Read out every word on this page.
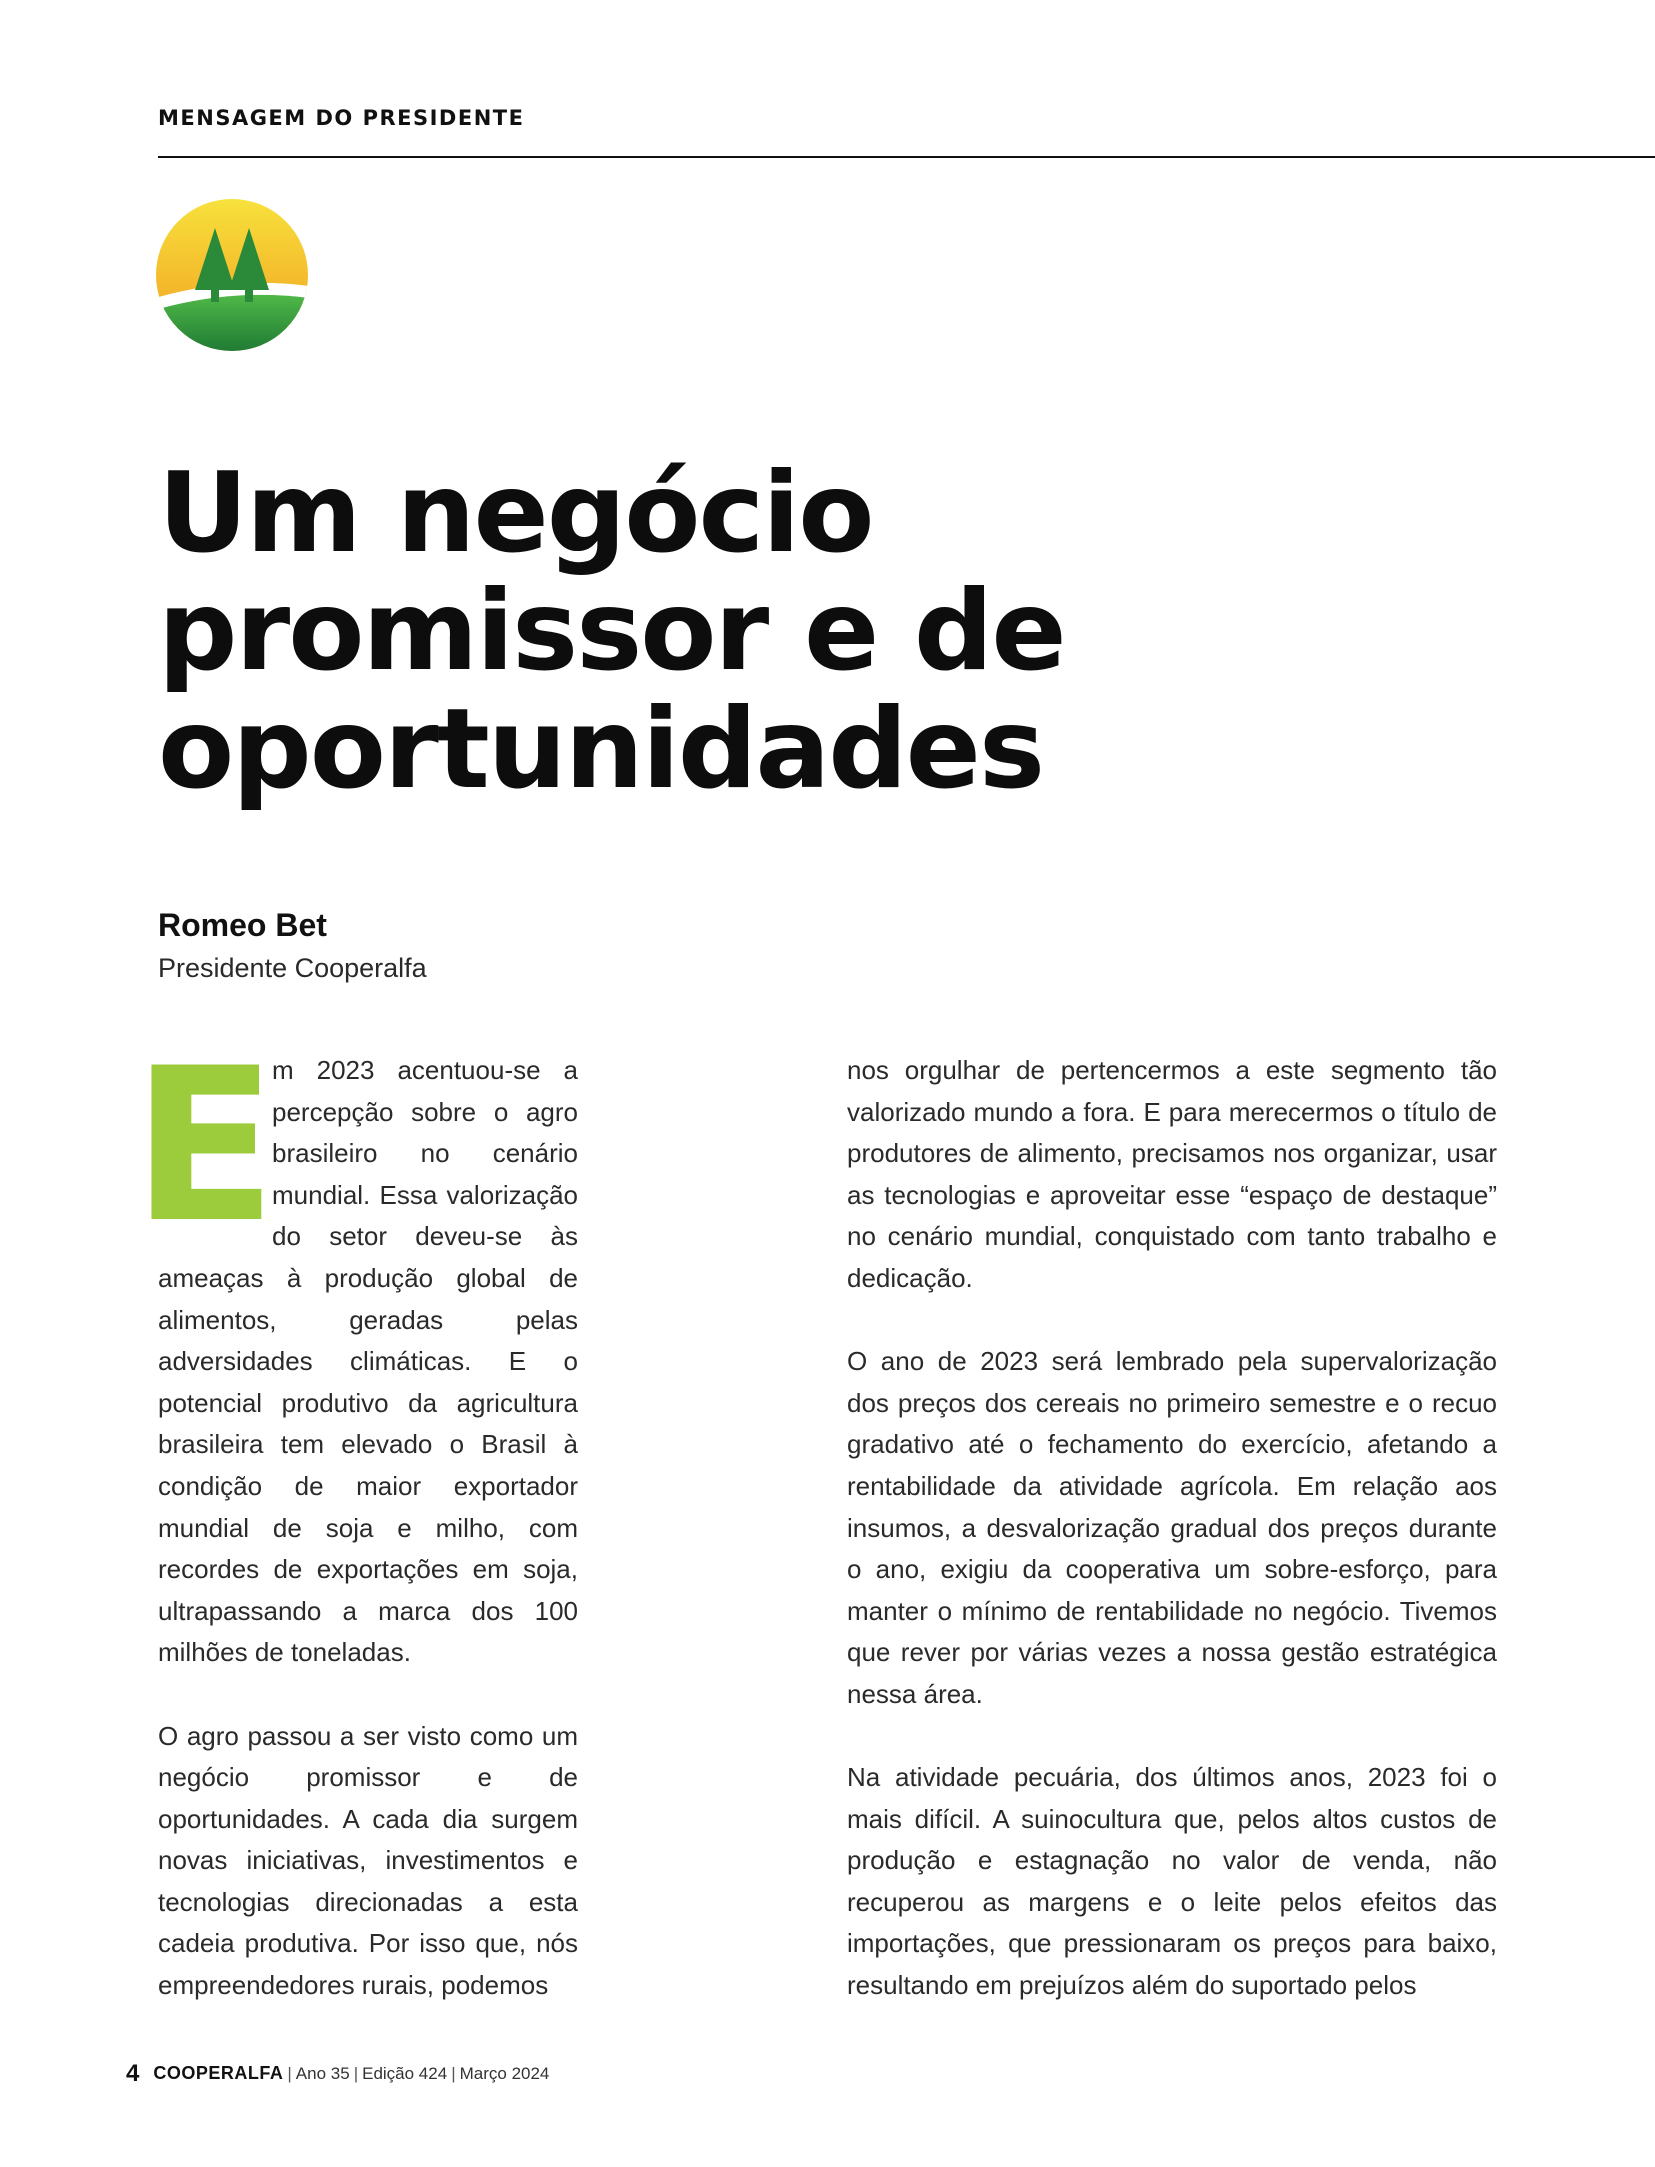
MENSAGEM DO PRESIDENTE
Um negócio
promissor e de
oportunidades
Romeo Bet
Presidente Cooperalfa

E
m 2023 acentuou-se a percepção sobre o agro brasileiro no cenário mundial. Essa valorização do setor deveu-se às ameaças à produção global de alimentos, geradas pelas adversidades climáticas. E o potencial produtivo da agricultura brasileira tem elevado o Brasil à condição de maior exportador mundial de soja e milho, com recordes de exportações em soja, ultrapassando a marca dos 100 milhões de toneladas.

O agro passou a ser visto como um negócio promissor e de oportunidades. A cada dia surgem novas iniciativas, investimentos e tecnologias direcionadas a esta cadeia produtiva. Por isso que, nós empreendedores rurais, podemos

nos orgulhar de pertencermos a este segmento tão valorizado mundo a fora. E para merecermos o título de produtores de alimento, precisamos nos organizar, usar as tecnologias e aproveitar esse “espaço de destaque” no cenário mundial, conquistado com tanto trabalho e dedicação.

O ano de 2023 será lembrado pela supervalorização dos preços dos cereais no primeiro semestre e o recuo gradativo até o fechamento do exercício, afetando a rentabilidade da atividade agrícola. Em relação aos insumos, a desvalorização gradual dos preços durante o ano, exigiu da cooperativa um sobre-esforço, para manter o mínimo de rentabilidade no negócio. Tivemos que rever por várias vezes a nossa gestão estratégica nessa área.

Na atividade pecuária, dos últimos anos, 2023 foi o mais difícil. A suinocultura que, pelos altos custos de produção e estagnação no valor de venda, não recuperou as margens e o leite pelos efeitos das importações, que pressionaram os preços para baixo, resultando em prejuízos além do suportado pelos

4 COOPERALFA | Ano 35 | Edição 424 | Março 2024
